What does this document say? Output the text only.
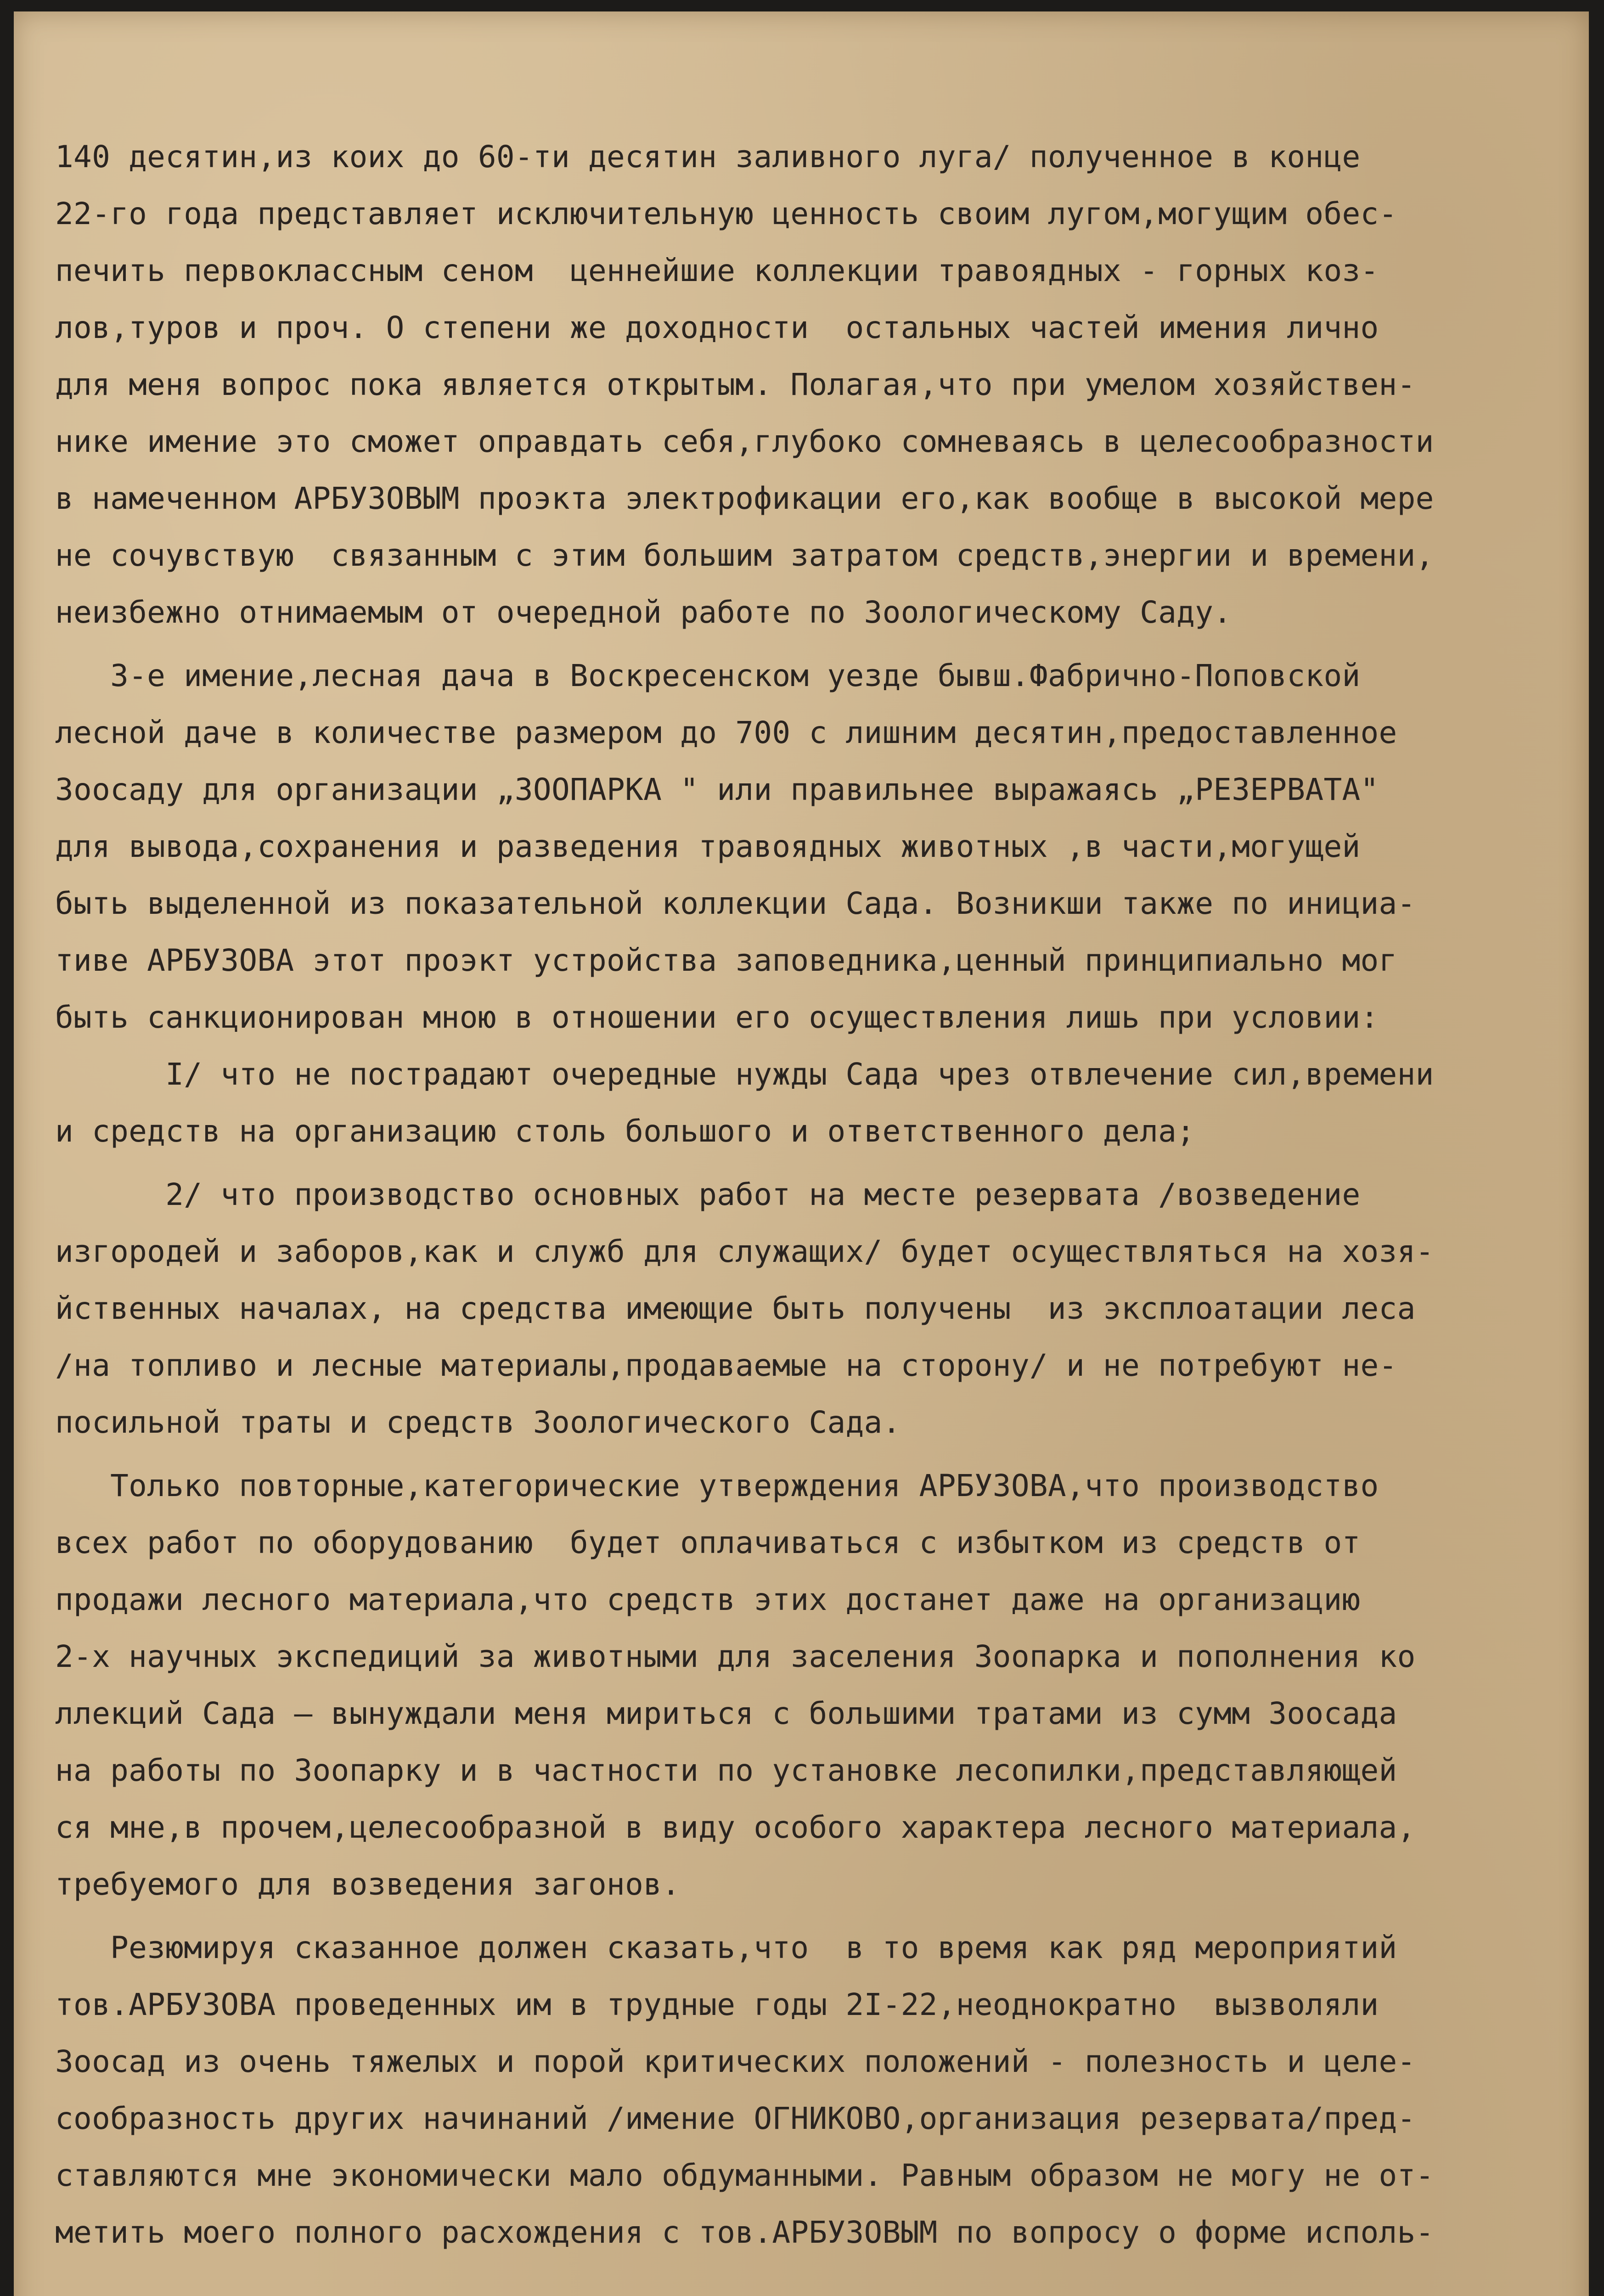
140 десятин,из коих до 60-ти десятин заливного луга/ полученное в конце
22-го года представляет исключительную ценность своим лугом,могущим обес-
печить первоклассным сеном  ценнейшие коллекции травоядных - горных коз-
лов,туров и проч. О степени же доходности  остальных частей имения лично
для меня вопрос пока является открытым. Полагая,что при умелом хозяйствен-
нике имение это сможет оправдать себя,глубоко сомневаясь в целесообразности
в намеченном АРБУЗОВЫМ проэкта электрофикации его,как вообще в высокой мере
не сочувствую  связанным с этим большим затратом средств,энергии и времени,
неизбежно отнимаемым от очередной работе по Зоологическому Саду.
3-е имение,лесная дача в Воскресенском уезде бывш.Фабрично-Поповской
лесной даче в количестве размером до 700 с лишним десятин,предоставленное
Зоосаду для организации „ЗООПАРКА " или правильнее выражаясь „РЕЗЕРВАТА"
для вывода,сохранения и разведения травоядных животных ,в части,могущей
быть выделенной из показательной коллекции Сада. Возникши также по инициа-
тиве АРБУЗОВА этот проэкт устройства заповедника,ценный принципиально мог
быть санкционирован мною в отношении его осуществления лишь при условии:
I/ что не пострадают очередные нужды Сада чрез отвлечение сил,времени
и средств на организацию столь большого и ответственного дела;
2/ что производство основных работ на месте резервата /возведение
изгородей и заборов,как и служб для служащих/ будет осуществляться на хозя-
йственных началах, на средства имеющие быть получены  из эксплоатации леса
/на топливо и лесные материалы,продаваемые на сторону/ и не потребуют не-
посильной траты и средств Зоологического Сада.
Только повторные,категорические утверждения АРБУЗОВА,что производство
всех работ по оборудованию  будет оплачиваться с избытком из средств от
продажи лесного материала,что средств этих достанет даже на организацию
2-х научных экспедиций за животными для заселения Зоопарка и пополнения ко
ллекций Сада — вынуждали меня мириться с большими тратами из сумм Зоосада
на работы по Зоопарку и в частности по установке лесопилки,представляющей
ся мне,в прочем,целесообразной в виду особого характера лесного материала,
требуемого для возведения загонов.
Резюмируя сказанное должен сказать,что  в то время как ряд мероприятий
тов.АРБУЗОВА проведенных им в трудные годы 2I-22,неоднократно  вызволяли
Зоосад из очень тяжелых и порой критических положений - полезность и целе-
сообразность других начинаний /имение ОГНИКОВО,организация резервата/пред-
ставляются мне экономически мало обдуманными. Равным образом не могу не от-
метить моего полного расхождения с тов.АРБУЗОВЫМ по вопросу о форме исполь-
